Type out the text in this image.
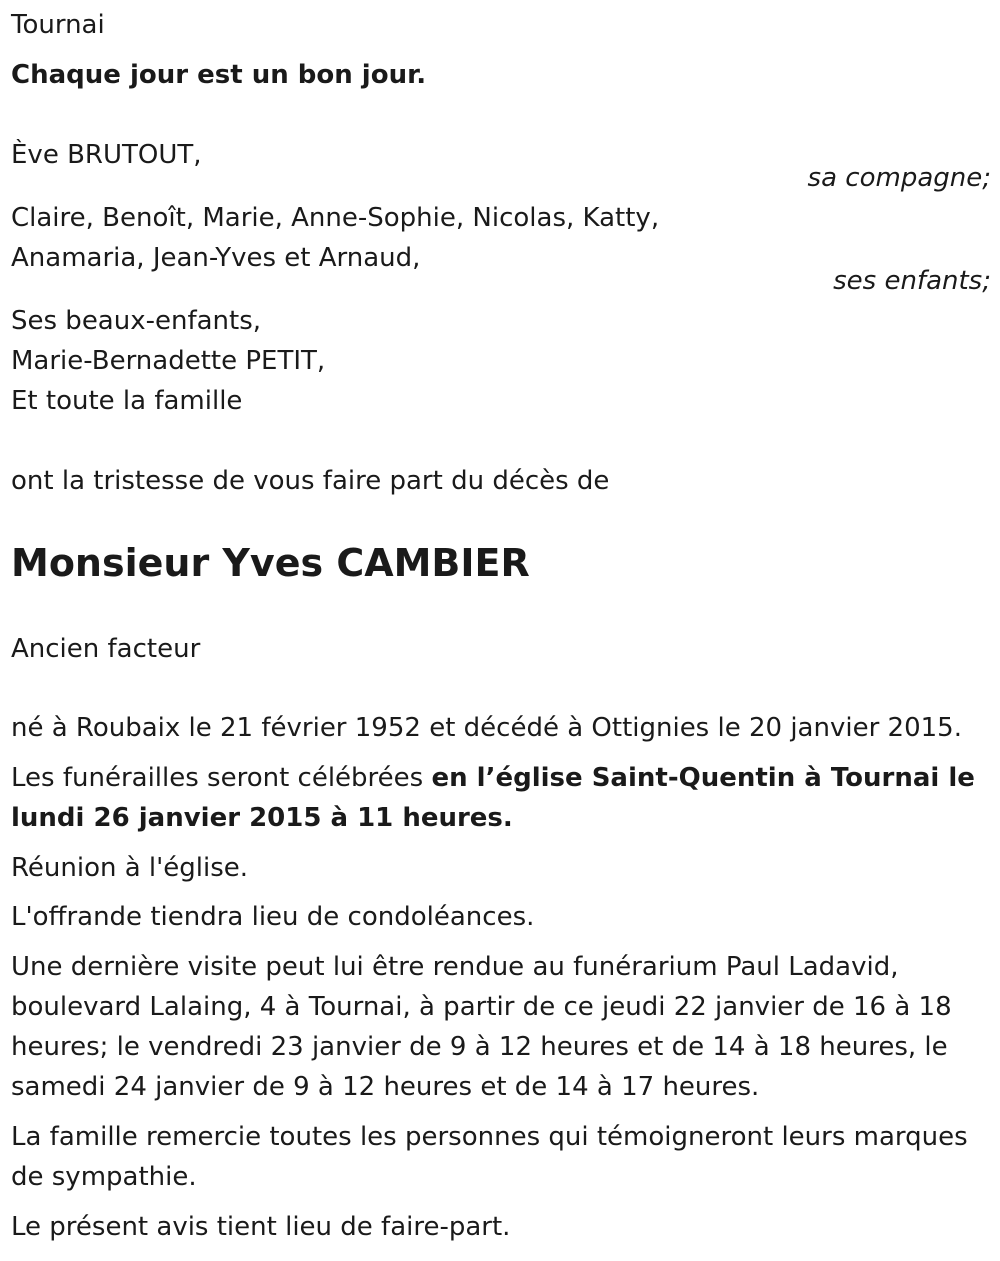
Tournai
Chaque jour est un bon jour.
Ève BRUTOUT,
sa compagne;
Claire, Benoît, Marie, Anne-Sophie, Nicolas, Katty,
Anamaria, Jean-Yves et Arnaud,
ses enfants;
Ses beaux-enfants,
Marie-Bernadette PETIT,
Et toute la famille
ont la tristesse de vous faire part du décès de
Monsieur Yves CAMBIER
Ancien facteur
né à Roubaix le 21 février 1952 et décédé à Ottignies le 20 janvier 2015.
Les funérailles seront célébrées en l’église Saint-Quentin à Tournai le lundi 26 janvier 2015 à 11 heures.
Réunion à l'église.
L'offrande tiendra lieu de condoléances.
Une dernière visite peut lui être rendue au funérarium Paul Ladavid, boulevard Lalaing, 4 à Tournai, à partir de ce jeudi 22 janvier de 16 à 18 heures; le vendredi 23 janvier de 9 à 12 heures et de 14 à 18 heures, le samedi 24 janvier de 9 à 12 heures et de 14 à 17 heures.
La famille remercie toutes les personnes qui témoigneront leurs marques de sympathie.
Le présent avis tient lieu de faire-part.
